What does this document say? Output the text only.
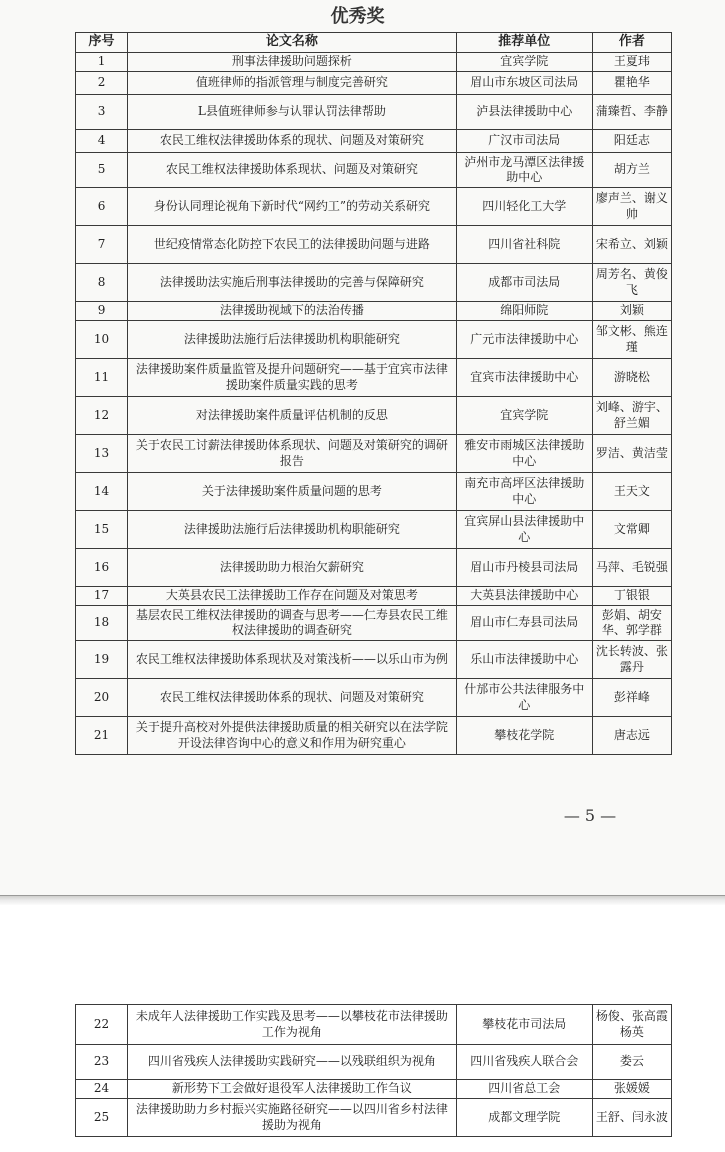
优秀奖
序号	论文名称	推荐单位	作者
1	刑事法律援助问题探析	宜宾学院	王夏玮
2	值班律师的指派管理与制度完善研究	眉山市东坡区司法局	瞿艳华
3	L县值班律师参与认罪认罚法律帮助	泸县法律援助中心	蒲臻哲、李静
4	农民工维权法律援助体系的现状、问题及对策研究	广汉市司法局	阳廷志
5	农民工维权法律援助体系现状、问题及对策研究	泸州市龙马潭区法律援助中心	胡方兰
6	身份认同理论视角下新时代“网约工”的劳动关系研究	四川轻化工大学	廖声兰、谢义帅
7	世纪疫情常态化防控下农民工的法律援助问题与进路	四川省社科院	宋希立、刘颖
8	法律援助法实施后刑事法律援助的完善与保障研究	成都市司法局	周芳名、黄俊飞
9	法律援助视域下的法治传播	绵阳师院	刘颖
10	法律援助法施行后法律援助机构职能研究	广元市法律援助中心	邹文彬、熊连瑾
11	法律援助案件质量监管及提升问题研究——基于宜宾市法律援助案件质量实践的思考	宜宾市法律援助中心	游晓松
12	对法律援助案件质量评估机制的反思	宜宾学院	刘峰、游宇、舒兰媚
13	关于农民工讨薪法律援助体系现状、问题及对策研究的调研报告	雅安市雨城区法律援助中心	罗洁、黄洁莹
14	关于法律援助案件质量问题的思考	南充市高坪区法律援助中心	王天文
15	法律援助法施行后法律援助机构职能研究	宜宾屏山县法律援助中心	文常卿
16	法律援助助力根治欠薪研究	眉山市丹棱县司法局	马萍、毛锐强
17	大英县农民工法律援助工作存在问题及对策思考	大英县法律援助中心	丁银银
18	基层农民工维权法律援助的调查与思考——仁寿县农民工维权法律援助的调查研究	眉山市仁寿县司法局	彭娟、胡安华、郭学群
19	农民工维权法律援助体系现状及对策浅析——以乐山市为例	乐山市法律援助中心	沈长转波、张露丹
20	农民工维权法律援助体系的现状、问题及对策研究	什邡市公共法律服务中心	彭祥峰
21	关于提升高校对外提供法律援助质量的相关研究以在法学院开设法律咨询中心的意义和作用为研究重心	攀枝花学院	唐志远
— 5 —
22	未成年人法律援助工作实践及思考——以攀枝花市法律援助工作为视角	攀枝花市司法局	杨俊、张高霞 杨英
23	四川省残疾人法律援助实践研究——以残联组织为视角	四川省残疾人联合会	娄云
24	新形势下工会做好退役军人法律援助工作刍议	四川省总工会	张媛媛
25	法律援助助力乡村振兴实施路径研究——以四川省乡村法律援助为视角	成都文理学院	王舒、闫永波
